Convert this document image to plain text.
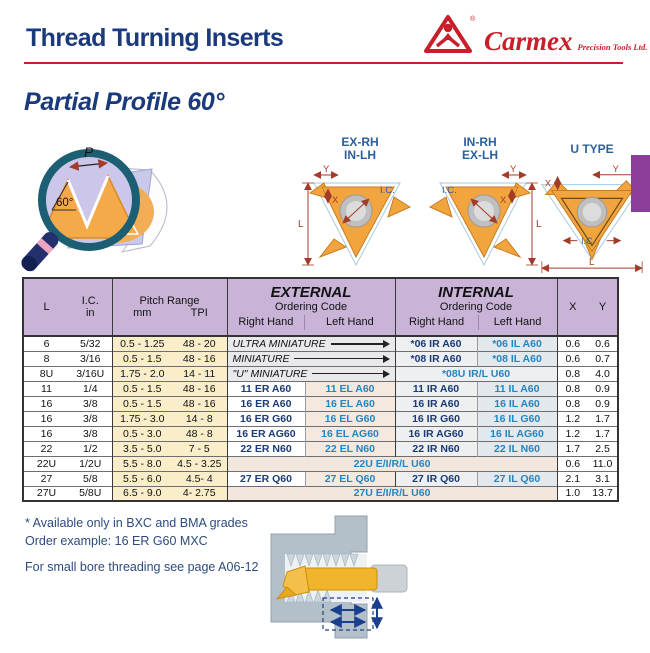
Thread Turning Inserts
®
Carmex Precision Tools Ltd.
Partial Profile 60°
P
60°
EX-RH
IN-LH
I.C.
L
Y
X
IN-RH
EX-LH
I.C.
L
Y
X
U TYPE
Y
X
I.C.
L
L	I.C.
in

Pitch Range
mm	TPI

EXTERNAL
Ordering Code
Right Hand	Left Hand

INTERNAL
Ordering Code
Right Hand	Left Hand
	X	Y
6	5/32	0.5 - 1.25	48 - 20	ULTRA MINIATURE		*06 IR A60	*06 IL A60	0.6	0.6
8	3/16	0.5 - 1.5	48 - 16	MINIATURE		*08 IR A60	*08 IL A60	0.6	0.7
8U	3/16U	1.75 - 2.0	14 - 11	"U" MINIATURE		*08U IR/L U60		0.8	4.0
11	1/4	0.5 - 1.5	48 - 16	11 ER A60	11 EL A60	11 IR A60	11 IL A60	0.8	0.9
16	3/8	0.5 - 1.5	48 - 16	16 ER A60	16 EL A60	16 IR A60	16 IL A60	0.8	0.9
16	3/8	1.75 - 3.0	14 - 8	16 ER G60	16 EL G60	16 IR G60	16 IL G60	1.2	1.7
16	3/8	0.5 - 3.0	48 - 8	16 ER AG60	16 EL AG60	16 IR AG60	16 IL AG60	1.2	1.7
22	1/2	3.5 - 5.0	7 - 5	22 ER N60	22 EL N60	22 IR N60	22 IL N60	1.7	2.5
22U	1/2U	5.5 - 8.0	4.5 - 3.25	22U E/I/R/L U60				0.6	11.0
27	5/8	5.5 - 6.0	4.5- 4	27 ER Q60	27 EL Q60	27 IR Q60	27 IL Q60	2.1	3.1
27U	5/8U	6.5 - 9.0	4- 2.75	27U E/I/R/L U60				1.0	13.7
* Available only in BXC and BMA grades
Order example: 16 ER G60 MXC
For small bore threading see page A06-12
